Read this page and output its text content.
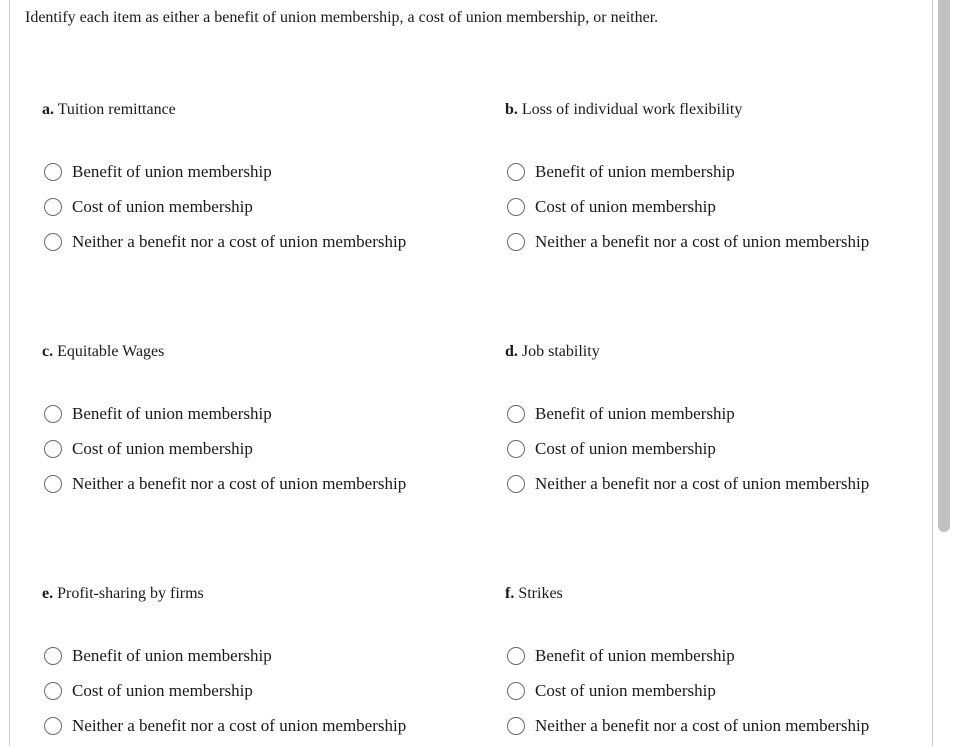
Identify each item as either a benefit of union membership, a cost of union membership, or neither.
a. Tuition remittance
Benefit of union membership
Cost of union membership
Neither a benefit nor a cost of union membership
b. Loss of individual work flexibility
Benefit of union membership
Cost of union membership
Neither a benefit nor a cost of union membership
c. Equitable Wages
Benefit of union membership
Cost of union membership
Neither a benefit nor a cost of union membership
d. Job stability
Benefit of union membership
Cost of union membership
Neither a benefit nor a cost of union membership
e. Profit-sharing by firms
Benefit of union membership
Cost of union membership
Neither a benefit nor a cost of union membership
f. Strikes
Benefit of union membership
Cost of union membership
Neither a benefit nor a cost of union membership
